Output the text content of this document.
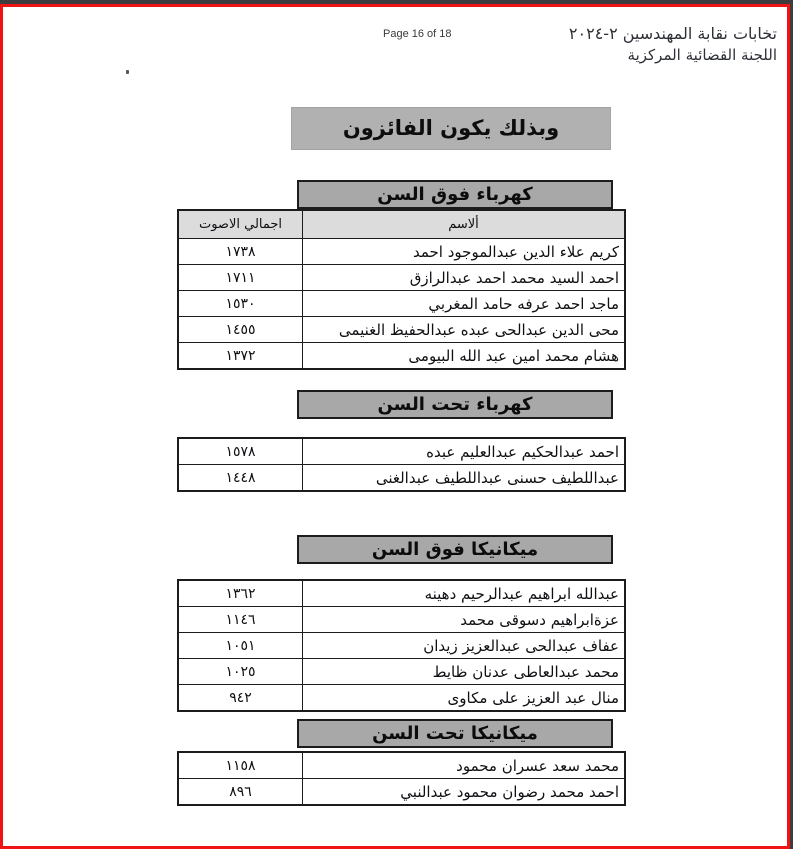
تخابات نقابة المهندسين ٢-٢٠٢٤
اللجنة القضائية المركزية
Page 16 of 18
وبذلك يكون الفائزون
كهرباء فوق السن
ألاسم	اجمالي الاصوت
كريم علاء الدين عبدالموجود احمد	١٧٣٨
احمد السيد محمد احمد عبدالرازق	١٧١١
ماجد احمد عرفه حامد المغربي	١٥٣٠
محى الدين عبدالحى عبده عبدالحفيظ الغنيمى	١٤٥٥
هشام محمد امين عبد الله البيومى	١٣٧٢
كهرباء تحت السن
احمد عبدالحكيم عبدالعليم عبده	١٥٧٨
عبداللطيف حسنى عبداللطيف عبدالغنى	١٤٤٨
ميكانيكا فوق السن
عبدالله ابراهيم عبدالرحيم دهينه	١٣٦٢
عزةابراهيم دسوقى محمد	١١٤٦
عفاف عبدالحى عبدالعزيز زيدان	١٠٥١
محمد عبدالعاطى عدنان ظايط	١٠٢٥
منال عبد العزيز على مكاوى	٩٤٢
ميكانيكا تحت السن
محمد سعد عسران محمود	١١٥٨
احمد محمد رضوان محمود عبدالنبي	٨٩٦
